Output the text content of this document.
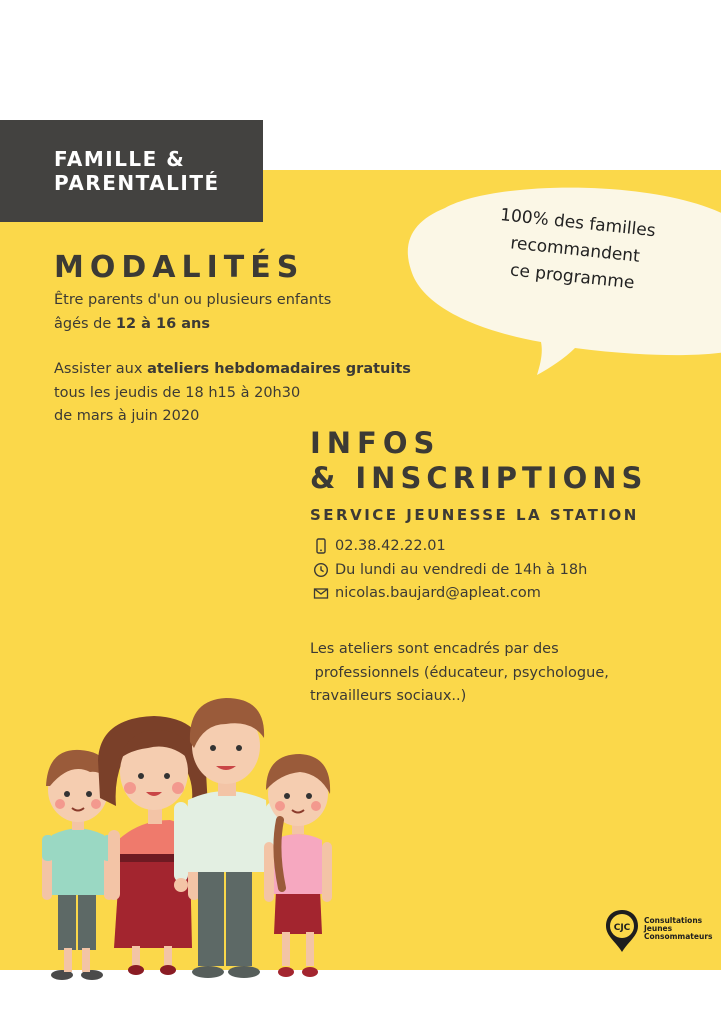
FAMILLE &
PARENTALITÉ
100% des familles
recommandent
ce programme
MODALITÉS
Être parents d'un ou plusieurs enfants
âgés de 12 à 16 ans
Assister aux ateliers hebdomadaires gratuits
tous les jeudis de 18 h15 à 20h30
de mars à juin 2020
INFOS
& INSCRIPTIONS
SERVICE JEUNESSE LA STATION
02.38.42.22.01
Du lundi au vendredi de 14h à 18h
nicolas.baujard@apleat.com
Les ateliers sont encadrés par des
professionnels (éducateur, psychologue,
travailleurs sociaux..)
CJC
Consultations
Jeunes
Consommateurs
